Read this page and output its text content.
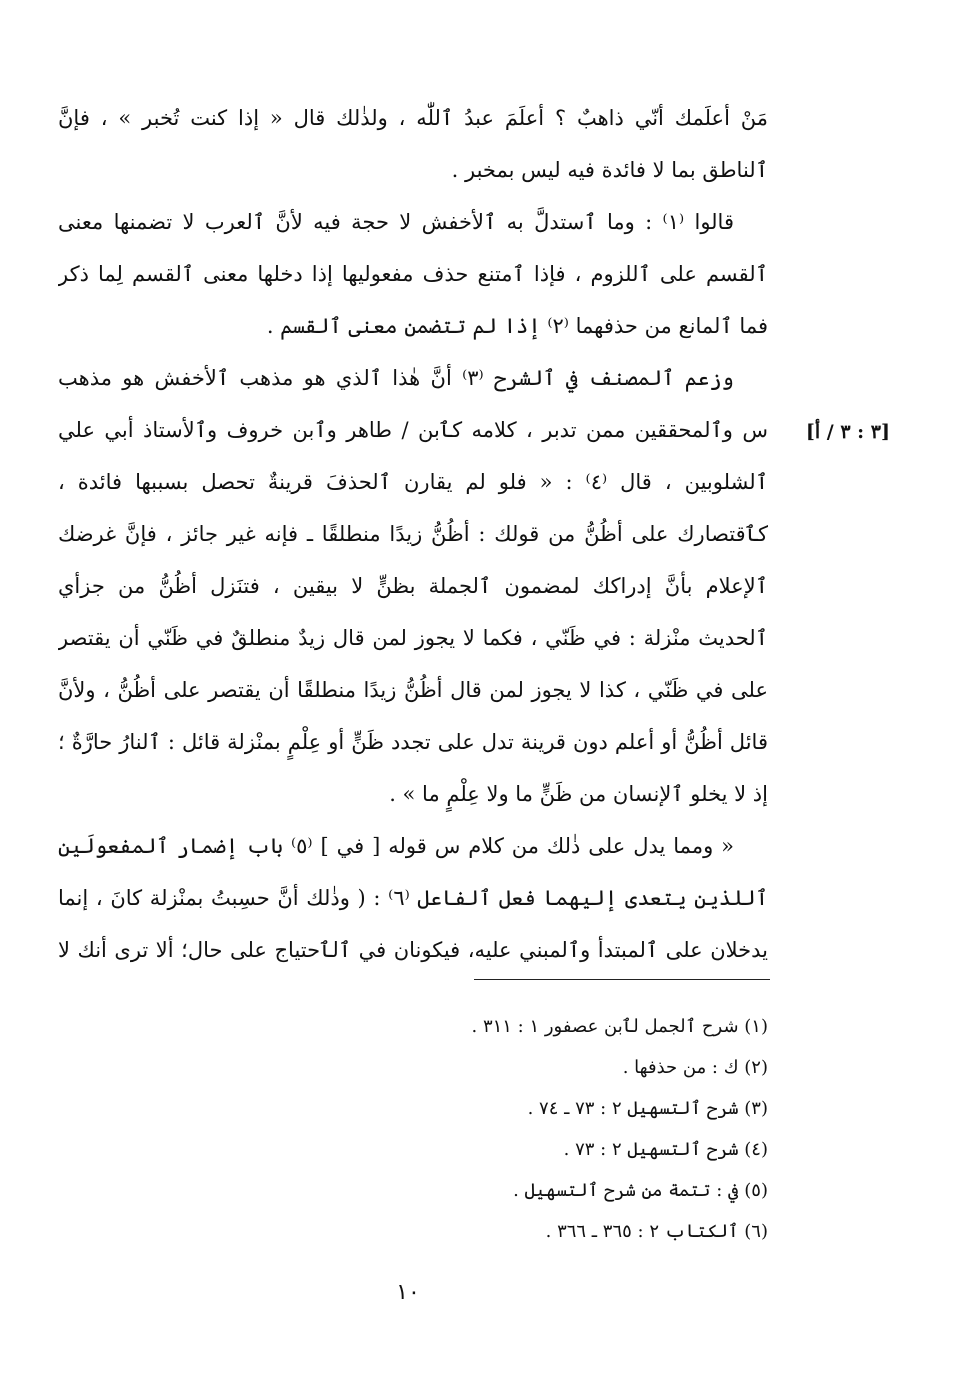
مَنْ أعلَمك أنّي ذاهبٌ ؟ أعلَمَ عبدُ ٱللّٰه ، ولذٰلك قال « إذا كنت تُخبر » ، فإنَّ
ٱلناطق بما لا فائدة فيه ليس بمخبر .
قالوا ⁽١⁾ : وما ٱستدلَّ به ٱلأخفش لا حجة فيه لأنَّ ٱلعرب لا تضمنها معنى
ٱلقسم على ٱللزوم ، فإذا ٱمتنع حذف مفعوليها إذا دخلها معنى ٱلقسم لِما ذكر
فما ٱلمانع من حذفهما ⁽٢⁾ إذا لم تتضمن معنى ٱلقسم .
وزعم ٱلمصنف في ٱلشرح ⁽٣⁾ أنَّ هٰذا ٱلذي هو مذهب ٱلأخفش هو مذهب
س وٱلمحققين ممن تدبر ، كلامه كٱبن / طاهر وٱبن خروف وٱلأستاذ أبي علي
ٱلشلوبين ، قال ⁽٤⁾ : « فلو لم يقارن ٱلحذفَ قرينةٌ تحصل بسببها فائدة ،
كٱقتصارك على أظُنُّ من قولك : أظُنُّ زيدًا منطلقًا ـ فإنه غير جائز ، فإنَّ غرضك
ٱلإعلام بأنَّ إدراكك لمضمون ٱلجملة بظنٍّ لا بيقين ، فتنَزل أظُنُّ من جزأي
ٱلحديث منْزلة : في ظَنّي ، فكما لا يجوز لمن قال زيدٌ منطلقٌ في ظَنّي أن يقتصر
على في ظَنّي ، كذا لا يجوز لمن قال أظُنُّ زيدًا منطلقًا أن يقتصر على أظُنُّ ، ولأنَّ
قائل أظُنُّ أو أعلم دون قرينة تدل على تجدد ظَنٍّ أو عِلْمٍ بمنْزلة قائل : ٱلنارُ حارَّةٌ ؛
إذ لا يخلو ٱلإنسان من ظَنٍّ ما ولا عِلْمٍ ما » .
« ومما يدل على ذٰلك من كلام س قوله [ في ] ⁽٥⁾ باب إضمار ٱلمفعولَين
ٱللذين يتعدى إليهما فعل ٱلفاعل ⁽٦⁾ : ( وذٰلك أنَّ حسِبتُ بمنْزلة كانَ ، إنما
يدخلان على ٱلمبتدأ وٱلمبني عليه، فيكونان في ٱلٱحتياج على حال؛ ألا ترى أنك لا
[٣ : ٣ / أ]
(١) شرح ٱلجمل لٱبن عصفور ١ : ٣١١ .
(٢) ك : من حذفها .
(٣) شرح ٱلتسهيل ٢ : ٧٣ ـ ٧٤ .
(٤) شرح ٱلتسهيل ٢ : ٧٣ .
(٥) في : تتمة من شرح ٱلتسهيل .
(٦) ٱلكتاب ٢ : ٣٦٥ ـ ٣٦٦ .
١٠
